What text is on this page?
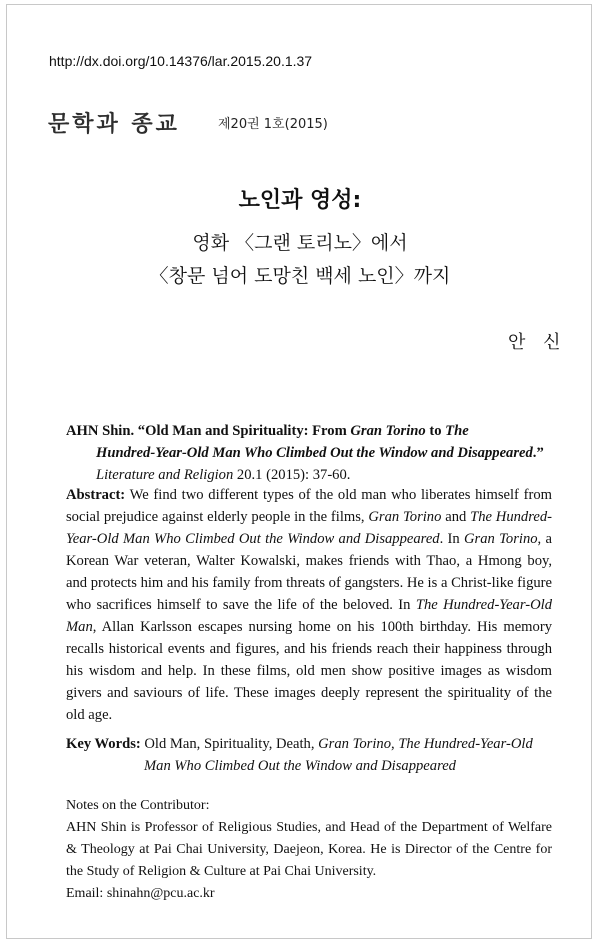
http://dx.doi.org/10.14376/lar.2015.20.1.37
문학과 종교	제20권 1호(2015)
노인과 영성:
영화 〈그랜 토리노〉에서
〈창문 넘어 도망친 백세 노인〉까지
안 신
AHN Shin. “Old Man and Spirituality: From Gran Torino to The
Hundred-Year-Old Man Who Climbed Out the Window and Disappeared.”
Literature and Religion 20.1 (2015): 37-60.
Abstract: We find two different types of the old man who liberates himself from social prejudice against elderly people in the films, Gran Torino and The Hundred-Year-Old Man Who Climbed Out the Window and Disappeared. In Gran Torino, a Korean War veteran, Walter Kowalski, makes friends with Thao, a Hmong boy, and protects him and his family from threats of gangsters. He is a Christ-like figure who sacrifices himself to save the life of the beloved. In The Hundred-Year-Old Man, Allan Karlsson escapes nursing home on his 100th birthday. His memory recalls historical events and figures, and his friends reach their happiness through his wisdom and help. In these films, old men show positive images as wisdom givers and saviours of life. These images deeply represent the spirituality of the old age.
Key Words: Old Man, Spirituality, Death, Gran Torino, The Hundred-Year-Old
Man Who Climbed Out the Window and Disappeared
Notes on the Contributor:
AHN Shin is Professor of Religious Studies, and Head of the Department of Welfare & Theology at Pai Chai University, Daejeon, Korea. He is Director of the Centre for the Study of Religion & Culture at Pai Chai University.
Email: shinahn@pcu.ac.kr
